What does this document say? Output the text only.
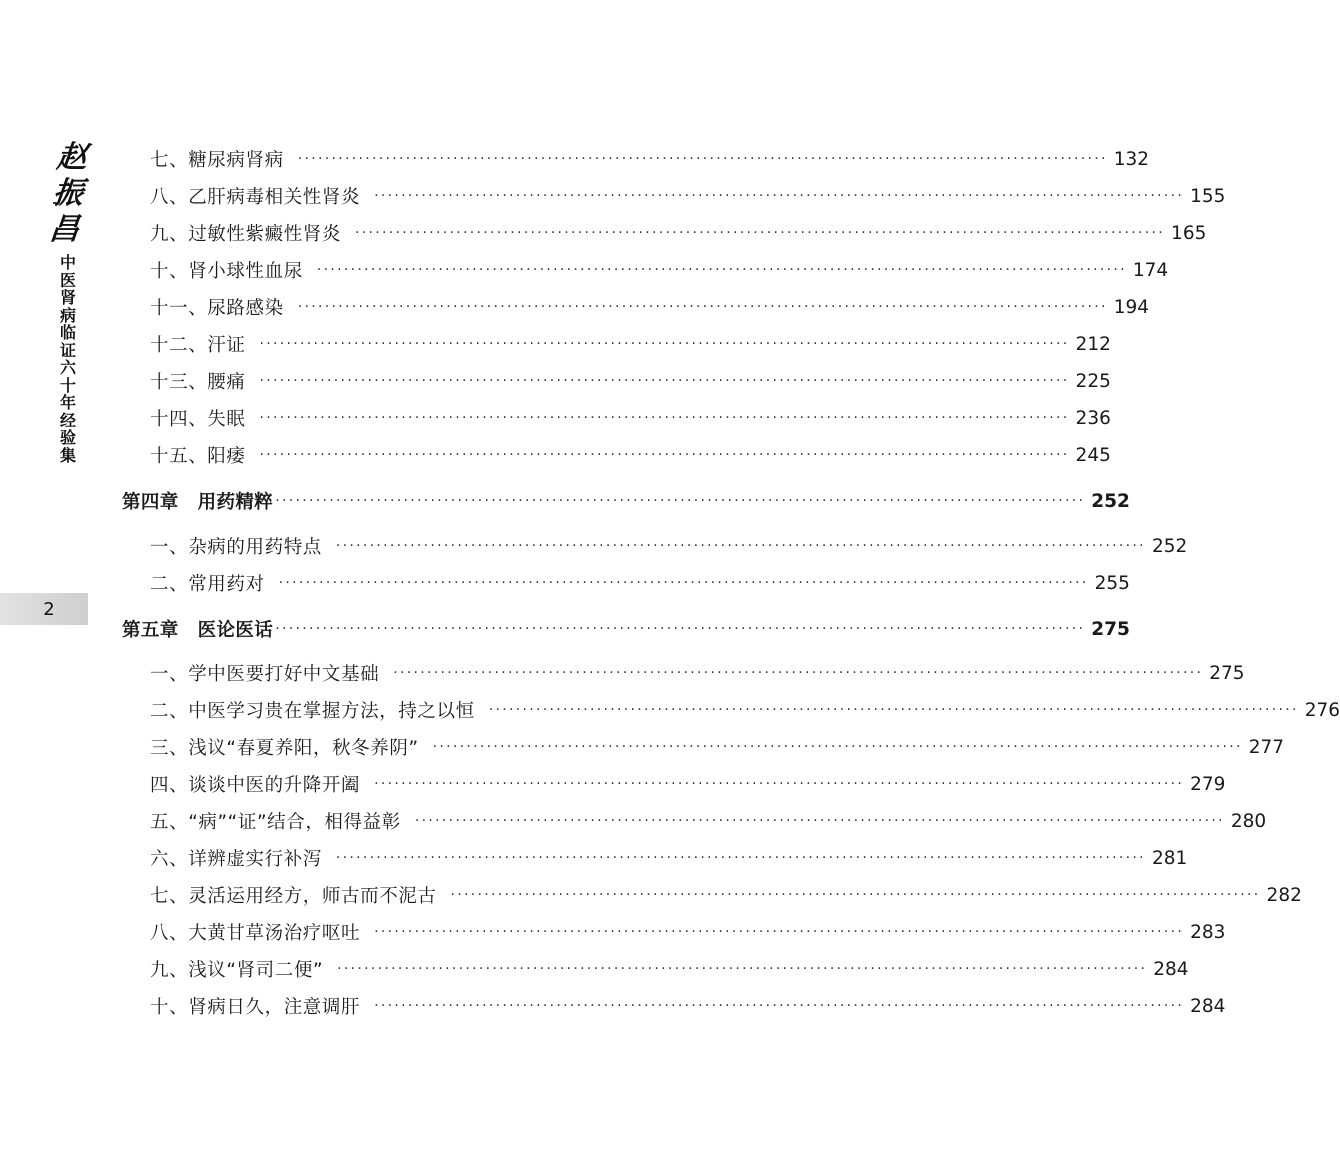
赵
振
昌
中
医
肾
病
临
证
六
十
年
经
验
集
2
七、糖尿病肾病 ························································································································ 132
八、乙肝病毒相关性肾炎 ························································································································ 155
九、过敏性紫癜性肾炎 ························································································································ 165
十、肾小球性血尿 ························································································································ 174
十一、尿路感染 ························································································································ 194
十二、汗证 ························································································································ 212
十三、腰痛 ························································································································ 225
十四、失眠 ························································································································ 236
十五、阳痿 ························································································································ 245
第四章　用药精粹 ························································································································ 252
一、杂病的用药特点 ························································································································ 252
二、常用药对 ························································································································ 255
第五章　医论医话 ························································································································ 275
一、学中医要打好中文基础 ························································································································ 275
二、中医学习贵在掌握方法，持之以恒 ························································································································ 276
三、浅议“春夏养阳，秋冬养阴” ························································································································ 277
四、谈谈中医的升降开阖 ························································································································ 279
五、“病”“证”结合，相得益彰 ························································································································ 280
六、详辨虚实行补泻 ························································································································ 281
七、灵活运用经方，师古而不泥古 ························································································································ 282
八、大黄甘草汤治疗呕吐 ························································································································ 283
九、浅议“肾司二便” ························································································································ 284
十、肾病日久，注意调肝 ························································································································ 284
